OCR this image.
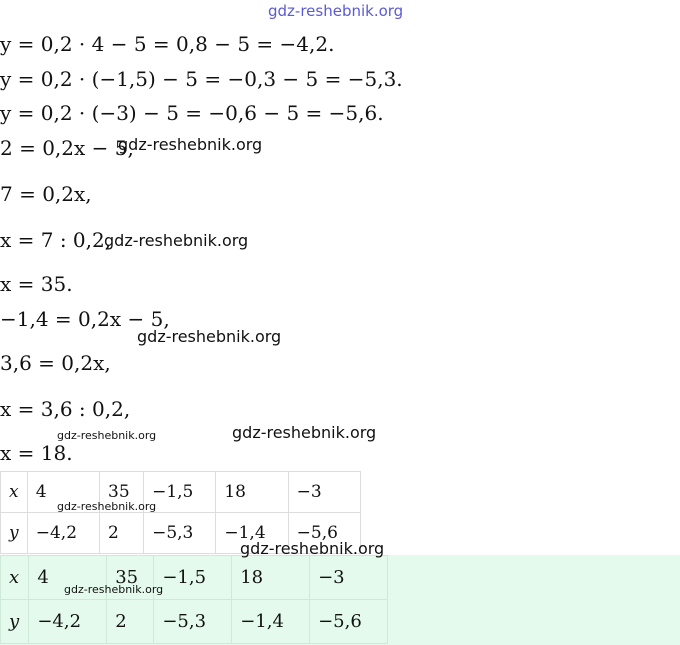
gdz-reshebnik.org
y = 0,2 · 4 − 5 = 0,8 − 5 = −4,2.
y = 0,2 · (−1,5) − 5 = −0,3 − 5 = −5,3.
y = 0,2 · (−3) − 5 = −0,6 − 5 = −5,6.
2 = 0,2x − 5,
7 = 0,2x,
x = 7 : 0,2,
x = 35.
−1,4 = 0,2x − 5,
3,6 = 0,2x,
x = 3,6 : 0,2,
x = 18.
gdz-reshebnik.org
gdz-reshebnik.org
gdz-reshebnik.org
gdz-reshebnik.org
gdz-reshebnik.org
x	4	35	−1,5	18	−3
y	−4,2	2	−5,3	−1,4	−5,6
gdz-reshebnik.org
x	4	35	−1,5	18	−3
y	−4,2	2	−5,3	−1,4	−5,6
gdz-reshebnik.org
gdz-reshebnik.org
